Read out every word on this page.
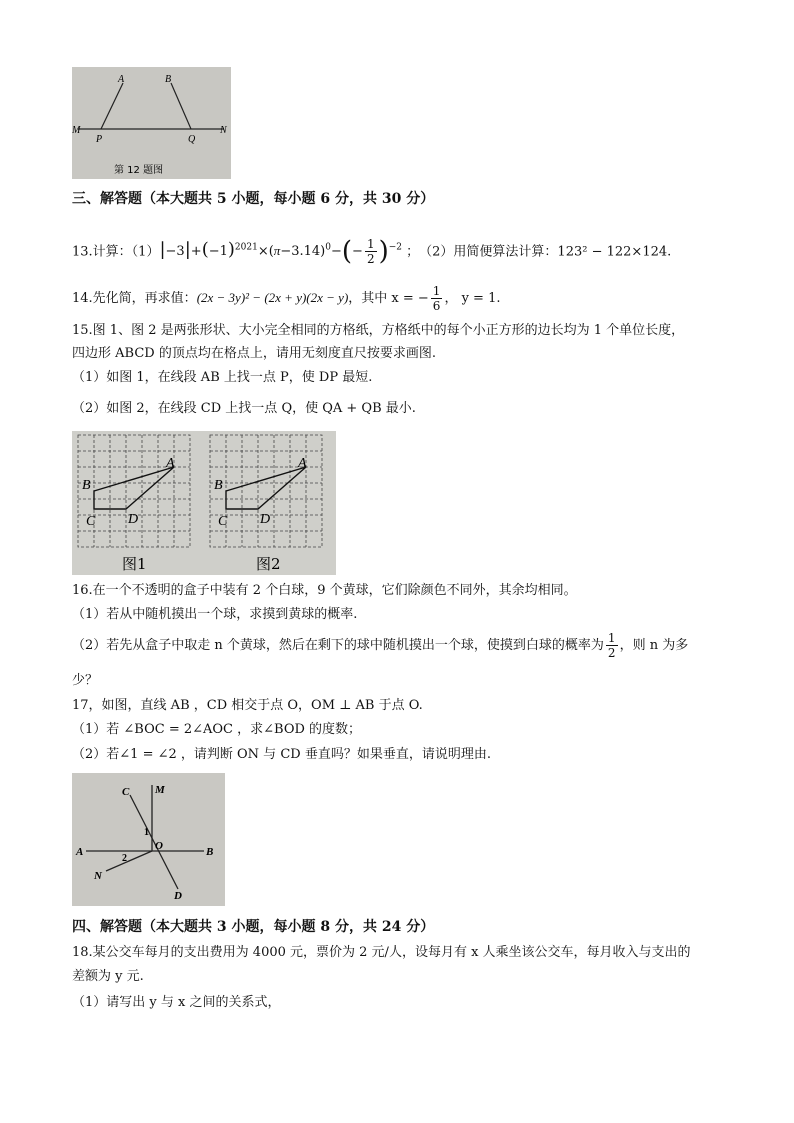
A	B
M
P	Q
N
第 12 题图
三、解答题（本大题共 5 小题，每小题 6 分，共 30 分）
13.计算：$(1)|-3|+(-1)^{2021}\times(\pi-3.14)^0-(- \frac{1}{2} )^{-2}$ ；　（2）用简便算法计算：123² − 122×124.
14.先化简，再求值：(2x − 3y)² − (2x + y)(2x − y)，其中 x = − $\frac{1}{6}$ ， y = 1.
15.图 1、图 2 是两张形状、大小完全相同的方格纸，方格纸中的每个小正方形的边长均为 1 个单位长度，
四边形 ABCD 的顶点均在格点上，请用无刻度直尺按要求画图.
（1）如图 1，在线段 AB 上找一点 P，使 DP 最短.
（2）如图 2，在线段 CD 上找一点 Q，使 QA + QB 最小.
A
B
C D
图1
A
B
C D
图2
16.在一个不透明的盒子中装有 2 个白球，9 个黄球，它们除颜色不同外，其余均相同。
（1）若从中随机摸出一个球，求摸到黄球的概率.
（2）若先从盒子中取走 n 个黄球，然后在剩下的球中随机摸出一个球，使摸到白球的概率为 $\frac{1}{2}$ ，则 n 为多
少？
17，如图，直线 AB ，CD 相交于点 O，OM ⊥ AB 于点 O.
（1）若 ∠BOC = 2∠AOC ，求∠BOD 的度数；
（2）若∠1 = ∠2 ，请判断 ON 与 CD 垂直吗？如果垂直，请说明理由.
C M
A	B
O
N
D
1
2
四、解答题（本大题共 3 小题，每小题 8 分，共 24 分）
18.某公交车每月的支出费用为 4000 元，票价为 2 元/人，设每月有 x 人乘坐该公交车，每月收入与支出的
差额为 y 元.
（1）请写出 y 与 x 之间的关系式，
